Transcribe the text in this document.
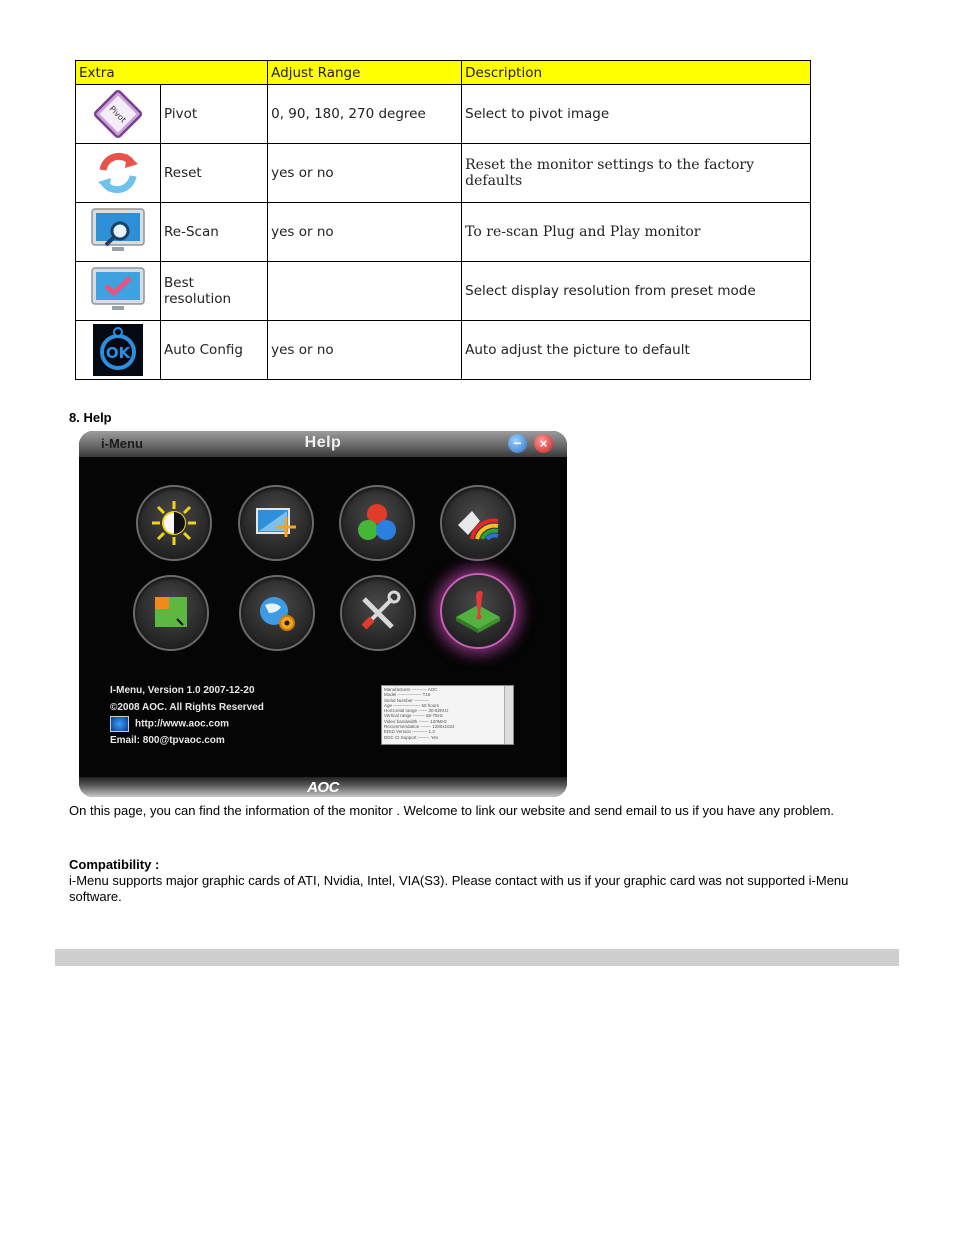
Extra		Adjust Range	Description

Pivot	Pivot	0, 90, 180, 270 degree	Select to pivot image

	Reset	yes or no	Reset the monitor settings to the factory defaults

	Re-Scan	yes or no	To re-scan Plug and Play monitor

	Best resolution		Select display resolution from preset mode

OK	Auto Config	yes or no	Auto adjust the picture to default
8. Help
i-Menu	Help	−	×
I-Menu, Version 1.0 2007-12-20
©2008 AOC. All Rights Reserved
http://www.aoc.com
Email: 800@tpvaoc.com
Manufacturer ---------- AOC
Model ---------------- T16
Serial Number ----------
Age ------------------ 50 hours
Horizontal range ------ 30-82KHz
Vertical range -------- 56-75Hz
Video bandwidth ------- 120MHz
Recommendation ------- 1280x1024
EDID Version ---------- 1.3
DDC CI Support -------- Yes
AOC
On this page, you can find the information of the monitor . Welcome to link our website and send email to us if you have any problem.
Compatibility :
i-Menu supports major graphic cards of ATI, Nvidia, Intel, VIA(S3). Please contact with us if your graphic card was not supported i-Menu software.
